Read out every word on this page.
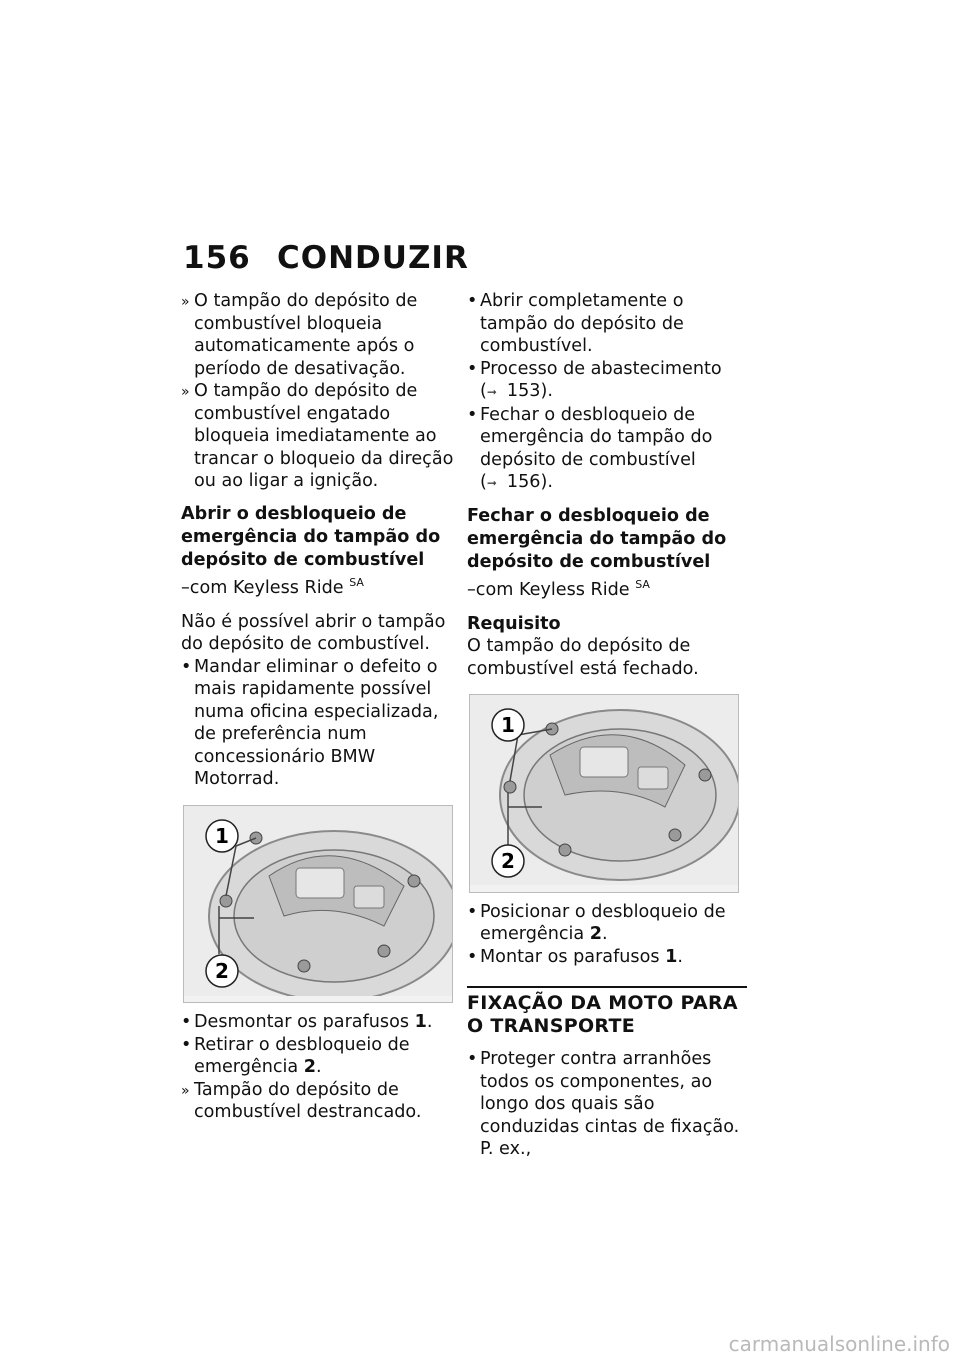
156 CONDUZIR
»
O tampão do depósito de combustível bloqueia automaticamente após o período de desativação.
»
O tampão do depósito de combustível engatado bloqueia imediatamente ao trancar o bloqueio da direção ou ao ligar a ignição.
Abrir o desbloqueio de emergência do tampão do depósito de combustível
–com Keyless Ride $^{SA}$
Não é possível abrir o tampão do depósito de combustível.
•
Mandar eliminar o defeito o mais rapidamente possível numa oficina especializada, de preferência num concessionário BMW Motorrad.
1
2
•
Desmontar os parafusos 1.
•
Retirar o desbloqueio de emergência 2.
»
Tampão do depósito de combustível destrancado.
•
Abrir completamente o tampão do depósito de combustível.
•
Processo de abastecimento
(➞ 153).
•
Fechar o desbloqueio de emergência do tampão do depósito de combustível
(➞ 156).
Fechar o desbloqueio de emergência do tampão do depósito de combustível
–com Keyless Ride $^{SA}$
Requisito
O tampão do depósito de combustível está fechado.
1
2
•
Posicionar o desbloqueio de emergência 2.
•
Montar os parafusos 1.
FIXAÇÃO DA MOTO PARA O TRANSPORTE
•
Proteger contra arranhões todos os componentes, ao longo dos quais são conduzidas cintas de fixação. P. ex.,
carmanualsonline.info
